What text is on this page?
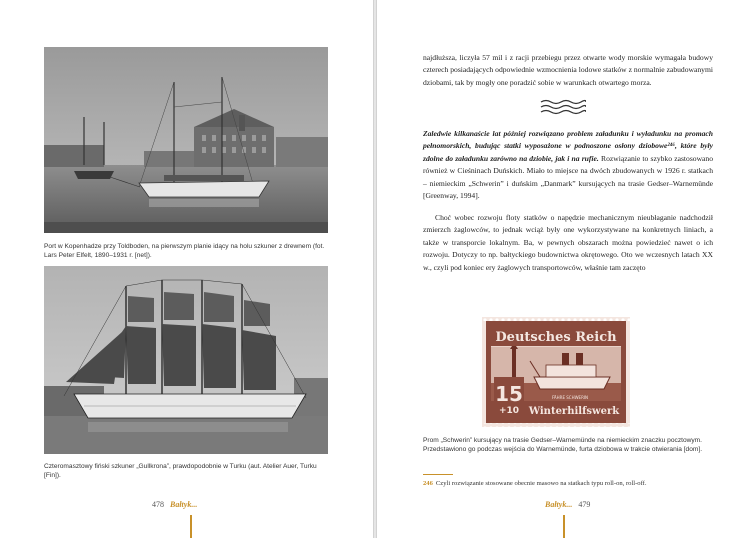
Port w Kopenhadze przy Toldboden, na pierwszym planie idący na holu szkuner z drewnem (fot. Lars Peter Elfelt, 1890–1931 r. [net]).

Czteromasztowy fiński szkuner „Gullkrona”, prawdopodobnie w Turku (aut. Atelier Auer, Turku [Fin]).

478 Bałtyk...

najdłuższa, liczyła 57 mil i z racji przebiegu przez otwarte wody morskie wymagała budowy czterech posiadających odpowiednie wzmocnienia lodowe statków z normalnie zabudowanymi dziobami, tak by mogły one poradzić sobie w warunkach otwartego morza.

Zaledwie kilkanaście lat później rozwiązano problem załadunku i wyładunku na promach pełnomorskich, budując statki wyposażone w podnoszone osłony dziobowe²⁴⁶, które były zdolne do załadunku zarówno na dziobie, jak i na rufie. Rozwiązanie to szybko zastosowano również w Cieśninach Duńskich. Miało to miejsce na dwóch zbudowanych w 1926 r. statkach – niemieckim „Schwerin” i duńskim „Danmark” kursujących na trasie Gedser–Warnemünde [Greenway, 1994].

Choć wobec rozwoju floty statków o napędzie mechanicznym nieubłaganie nadchodził zmierzch żaglowców, to jednak wciąż były one wykorzystywane na konkretnych liniach, a także w transporcie lokalnym. Ba, w pewnych obszarach można powiedzieć nawet o ich rozwoju. Dotyczy to np. bałtyckiego budownictwa okrętowego. Oto we wczesnych latach XX w., czyli pod koniec ery żaglowych transportowców, właśnie tam zaczęto

Deutsches Reich
Winterhilfswerk
15
+10
FÄHRE SCHWERIN

Prom „Schwerin” kursujący na trasie Gedser–Warnemünde na niemieckim znaczku pocztowym. Przedstawiono go podczas wejścia do Warnemünde, furta dziobowa w trakcie otwierania [dom].

246 Czyli rozwiązanie stosowane obecnie masowo na statkach typu roll-on, roll-off.

Bałtyk... 479
